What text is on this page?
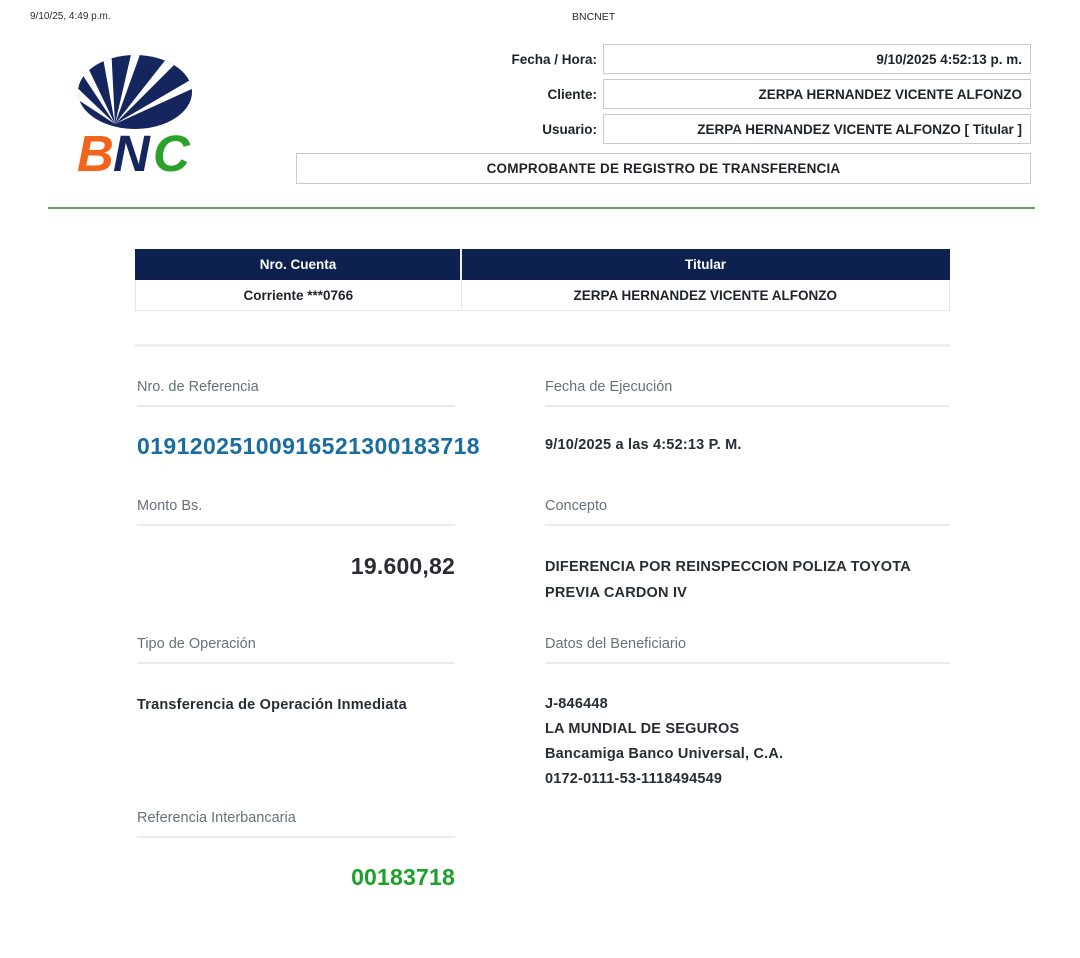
9/10/25, 4:49 p.m.	BNCNET
B N C
Fecha / Hora:	9/10/2025 4:52:13 p. m.
Cliente:	ZERPA HERNANDEZ VICENTE ALFONZO
Usuario:	ZERPA HERNANDEZ VICENTE ALFONZO [ Titular ]
COMPROBANTE DE REGISTRO DE TRANSFERENCIA
Nro. Cuenta	Titular
Corriente ***0766	ZERPA HERNANDEZ VICENTE ALFONZO
Nro. de Referencia
01912025100916521300183718
Fecha de Ejecución
9/10/2025 a las 4:52:13 P. M.
Monto Bs.
19.600,82
Concepto
DIFERENCIA POR REINSPECCION POLIZA TOYOTA PREVIA CARDON IV
Tipo de Operación
Transferencia de Operación Inmediata
Datos del Beneficiario
J-846448
LA MUNDIAL DE SEGUROS
Bancamiga Banco Universal, C.A.
0172-0111-53-1118494549
Referencia Interbancaria
00183718
